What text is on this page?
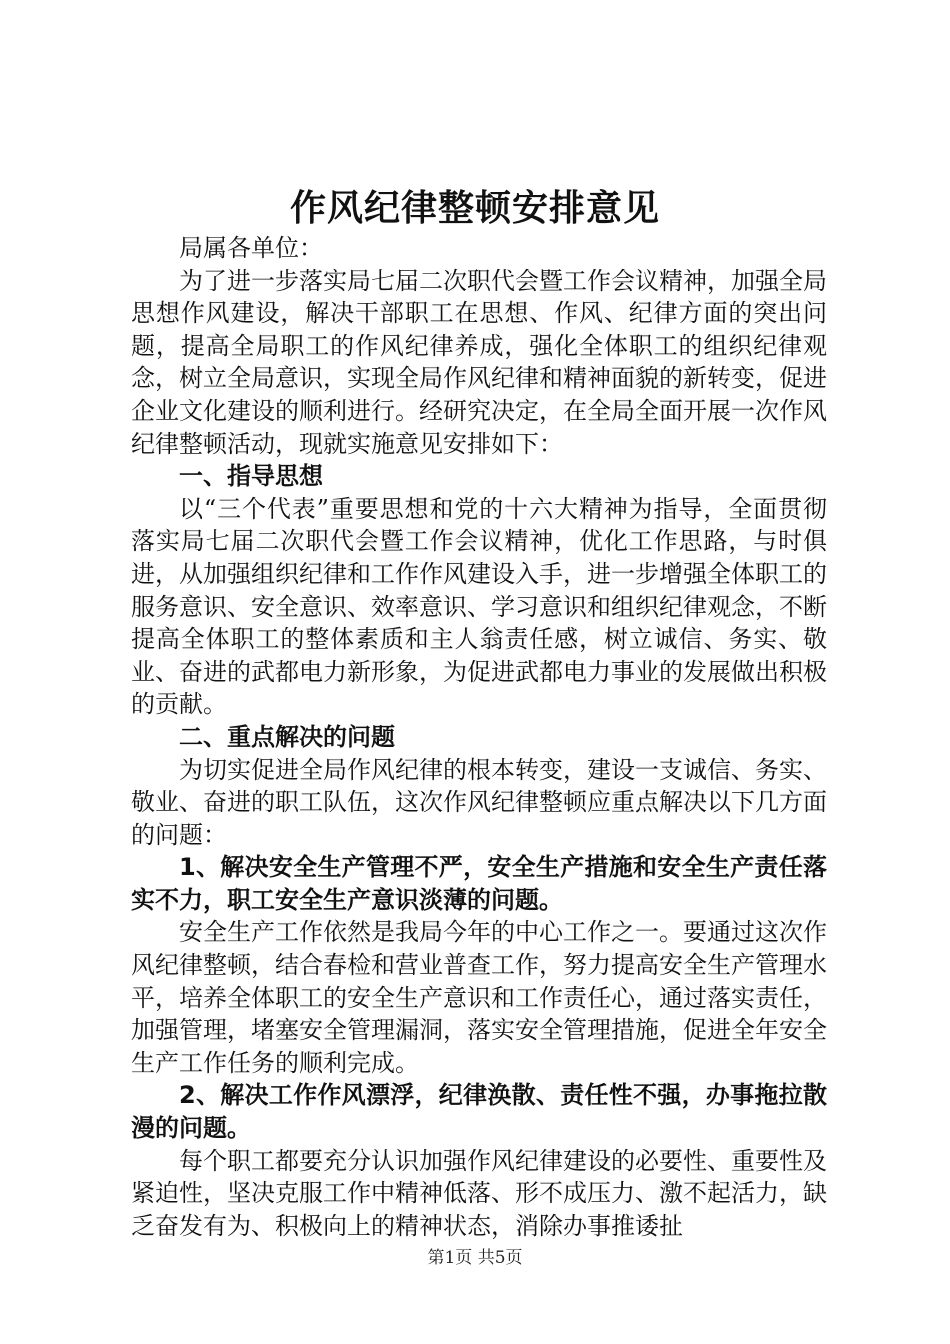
作风纪律整顿安排意见

局属各单位：

为了进一步落实局七届二次职代会暨工作会议精神，加强全局思想作风建设，解决干部职工在思想、作风、纪律方面的突出问题，提高全局职工的作风纪律养成，强化全体职工的组织纪律观念，树立全局意识，实现全局作风纪律和精神面貌的新转变，促进企业文化建设的顺利进行。经研究决定，在全局全面开展一次作风纪律整顿活动，现就实施意见安排如下：

一、指导思想

以“三个代表”重要思想和党的十六大精神为指导，全面贯彻落实局七届二次职代会暨工作会议精神，优化工作思路，与时俱进，从加强组织纪律和工作作风建设入手，进一步增强全体职工的服务意识、安全意识、效率意识、学习意识和组织纪律观念，不断提高全体职工的整体素质和主人翁责任感，树立诚信、务实、敬业、奋进的武都电力新形象，为促进武都电力事业的发展做出积极的贡献。

二、重点解决的问题

为切实促进全局作风纪律的根本转变，建设一支诚信、务实、敬业、奋进的职工队伍，这次作风纪律整顿应重点解决以下几方面的问题：

1、解决安全生产管理不严，安全生产措施和安全生产责任落实不力，职工安全生产意识淡薄的问题。

安全生产工作依然是我局今年的中心工作之一。要通过这次作风纪律整顿，结合春检和营业普查工作，努力提高安全生产管理水平，培养全体职工的安全生产意识和工作责任心，通过落实责任，加强管理，堵塞安全管理漏洞，落实安全管理措施，促进全年安全生产工作任务的顺利完成。

2、解决工作作风漂浮，纪律涣散、责任性不强，办事拖拉散漫的问题。

每个职工都要充分认识加强作风纪律建设的必要性、重要性及紧迫性，坚决克服工作中精神低落、形不成压力、激不起活力，缺乏奋发有为、积极向上的精神状态，消除办事推诿扯

第1页 共5页
